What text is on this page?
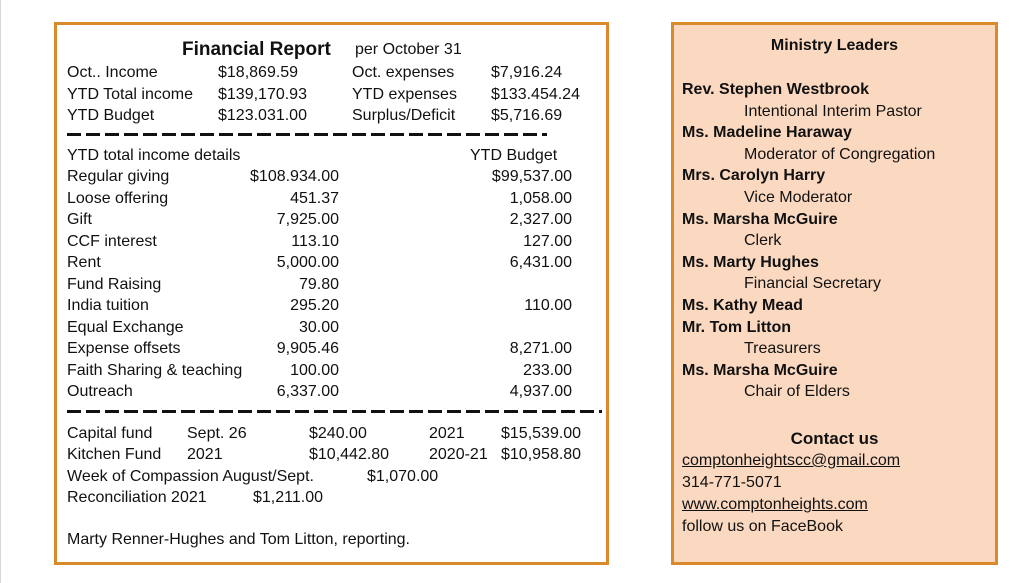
Financial Report per October 31
Oct.. Income	$18,869.59	Oct. expenses $7,916.24
YTD Total income $139,170.93	YTD expenses $133.454.24
YTD Budget	$123.031.00	Surplus/Deficit $5,716.69
YTD total income details	YTD Budget
Regular giving	$108.934.00	$99,537.00
Loose offering	451.37	1,058.00
Gift	7,925.00	2,327.00
CCF interest	113.10	127.00
Rent	5,000.00	6,431.00
Fund Raising	79.80
India tuition	295.20	110.00
Equal Exchange	30.00
Expense offsets	9,905.46	8,271.00
Faith Sharing & teaching	100.00	233.00
Outreach	6,337.00	4,937.00
Capital fund Sept. 26	$240.00	2021 $15,539.00
Kitchen Fund 2021	$10,442.80 2020-21 $10,958.80
Week of Compassion August/Sept.	$1,070.00
Reconciliation 2021	$1,211.00
Marty Renner-Hughes and Tom Litton, reporting.
Ministry Leaders
Rev. Stephen Westbrook
Intentional Interim Pastor
Ms. Madeline Haraway
Moderator of Congregation
Mrs. Carolyn Harry
Vice Moderator
Ms. Marsha McGuire
Clerk
Ms. Marty Hughes
Financial Secretary
Ms. Kathy Mead
Mr. Tom Litton
Treasurers
Ms. Marsha McGuire
Chair of Elders
Contact us
comptonheightscc@gmail.com
314-771-5071
www.comptonheights.com
follow us on FaceBook
